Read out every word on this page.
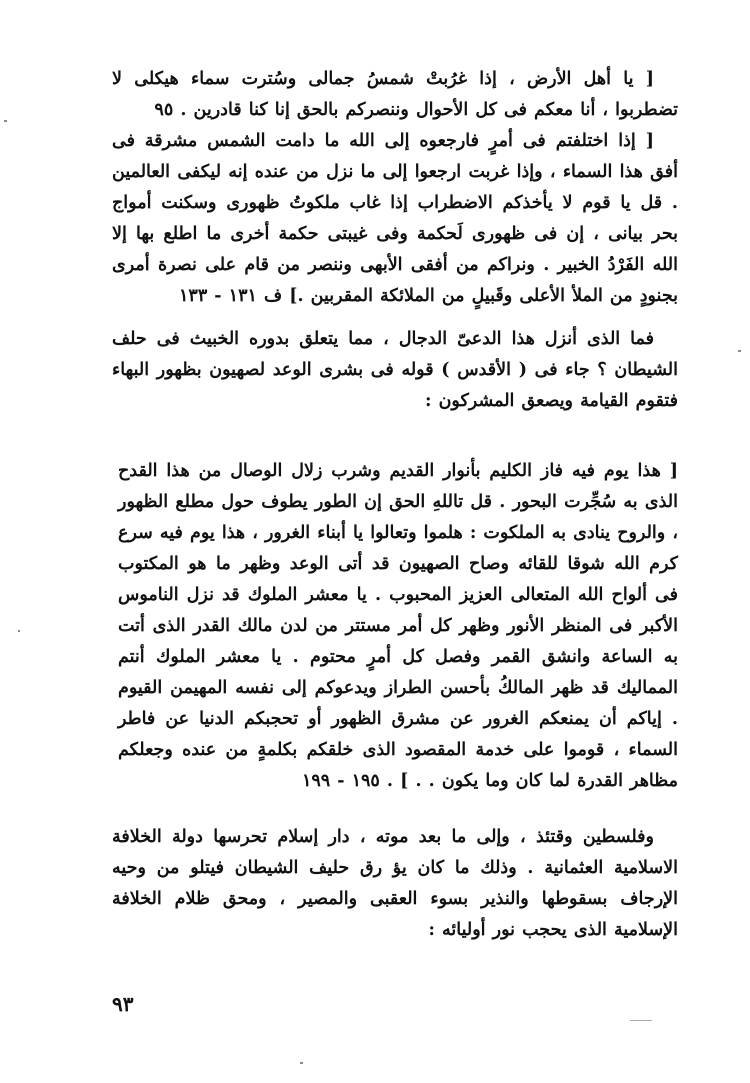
[ يا أهل الأرض ، إذا غرُبتْ شمسُ جمالى وسُترت سماء هيكلى لا تضطربوا ، أنا معكم فى كل الأحوال وننصركم بالحق إنا كنا قادرين . ٩٥

[ إذا اختلفتم فى أمرٍ فارجعوه إلى الله ما دامت الشمس مشرقة فى أفق هذا السماء ، وإذا غربت ارجعوا إلى ما نزل من عنده إنه ليكفى العالمين . قل يا قوم لا يأخذكم الاضطراب إذا غاب ملكوتُ ظهورى وسكنت أمواج بحر بيانى ، إن فى ظهورى لَحكمة وفى غيبتى حكمة أخرى ما اطلع بها إلا الله الفَرْدُ الخبير . ونراكم من أفقى الأبهى وننصر من قام على نصرة أمرى بجنودٍ من الملأ الأعلى وقَبيلٍ من الملائكة المقربين .] ف ١٣١ - ١٣٣

فما الذى أنزل هذا الدعىّ الدجال ، مما يتعلق بدوره الخبيث فى حلف الشيطان ؟ جاء فى ( الأقدس ) قوله فى بشرى الوعد لصهيون بظهور البهاء فتقوم القيامة ويصعق المشركون :

[ هذا يوم فيه فاز الكليم بأنوار القديم وشرب زلال الوصال من هذا القدح الذى به سُجِّرت البحور . قل تاللهِ الحق إن الطور يطوف حول مطلع الظهور ، والروح ينادى به الملكوت : هلموا وتعالوا يا أبناء الغرور ، هذا يوم فيه سرع كرم الله شوقا للقائه وصاح الصهيون قد أتى الوعد وظهر ما هو المكتوب فى ألواح الله المتعالى العزيز المحبوب . يا معشر الملوك قد نزل الناموس الأكبر فى المنظر الأنور وظهر كل أمر مستتر من لدن مالك القدر الذى أتت به الساعة وانشق القمر وفصل كل أمرٍ محتوم . يا معشر الملوك أنتم المماليك قد ظهر المالكُ بأحسن الطراز ويدعوكم إلى نفسه المهيمن القيوم . إياكم أن يمنعكم الغرور عن مشرق الظهور أو تحجبكم الدنيا عن فاطر السماء ، قوموا على خدمة المقصود الذى خلقكم بكلمةٍ من عنده وجعلكم مظاهر القدرة لما كان وما يكون . . ] . ١٩٥ - ١٩٩

وفلسطين وقتئذ ، وإلى ما بعد موته ، دار إسلام تحرسها دولة الخلافة الاسلامية العثمانية . وذلك ما كان يؤ رق حليف الشيطان فيتلو من وحيه الإرجاف بسقوطها والنذير بسوء العقبى والمصير ، ومحق ظلام الخلافة الإسلامية الذى يحجب نور أوليائه :

٩٣
